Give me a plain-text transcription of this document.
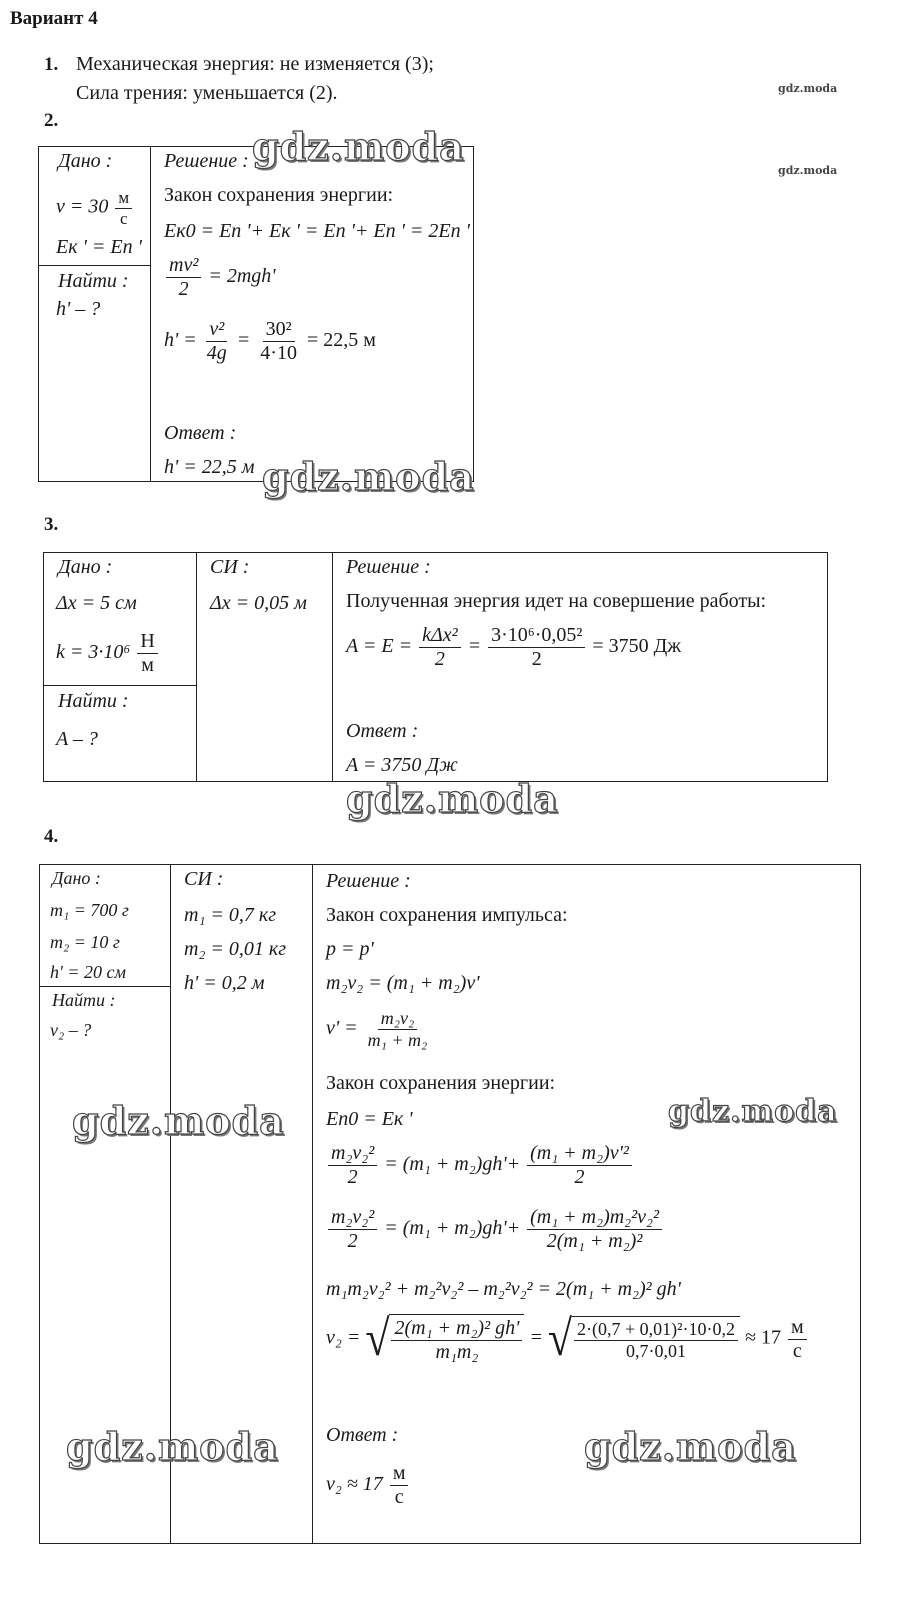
Вариант 4
1. Механическая энергия: не изменяется (3);
Сила трения: уменьшается (2).	gdz.moda
2.
gdz.moda
Дано :
$v = 30 \frac{м}{с}$
Eк ' = Eп '
Найти :
h' – ?
Решение :
Закон сохранения энергии:
Eк0 = Eп '+ Eк ' = Eп '+ Eп ' = 2Eп '
$\frac{\text{mv²}}{2} = 2mgh'$
$h' = \frac{\text{v²}}{4g} = \frac{\text{30²}}{4\cdot 10} = 22,5$ м
Ответ :
h' = 22,5 м
gdz.moda
gdz.moda
3.
Дано :
Δx = 5 см
$k = 3\cdot 10^6 \frac{Н}{м}$
Найти :
A – ?
СИ :
Δx = 0,05 м
Решение :
Полученная энергия идет на совершение работы:
$A = E = \frac{\text{kΔx²}}{2} = \frac{\text{3·10⁶·0,05²}}{2} = 3750$ Дж
Ответ :
A = 3750 Дж
gdz.moda
4.
Дано :
m₁ = 700 г
m₂ = 10 г
h' = 20 см
Найти :
v₂ – ?
СИ :
m₁ = 0,7 кг
m₂ = 0,01 кг
h' = 0,2 м
Решение :
Закон сохранения импульса:
p = p'
m₂v₂ = (m₁ + m₂)v'
$v' = \frac{\text{m₂v₂}}{\text{m₁ + m₂}}$
Закон сохранения энергии:
Eп0 = Eк '
$\frac{\text{m₂v₂²}}{2} = (m_1 + m_2)gh'+ \frac{\text{(m₁ + m₂)v'²}}{2}$
$\frac{\text{m₂v₂²}}{2} = (m_1 + m_2)gh'+ \frac{\text{(m₁ + m₂)m₂²v₂²}}{\text{2(m₁ + m₂)²}}$
m₁m₂v₂² + m₂²v₂² – m₂²v₂² = 2(m₁ + m₂)² gh'
v₂ = √ $\frac{\text{2(m₁ + m₂)² gh'}}{\text{m₁m₂}}$ = √ $\frac{\text{2·(0,7 + 0,01)²·10·0,2}}{0,7\cdot 0,01} \approx 17 \frac{м}{с}$
Ответ :
$v_2 \approx 17 \frac{м}{с}$
gdz.moda	gdz.moda
gdz.moda	gdz.moda
